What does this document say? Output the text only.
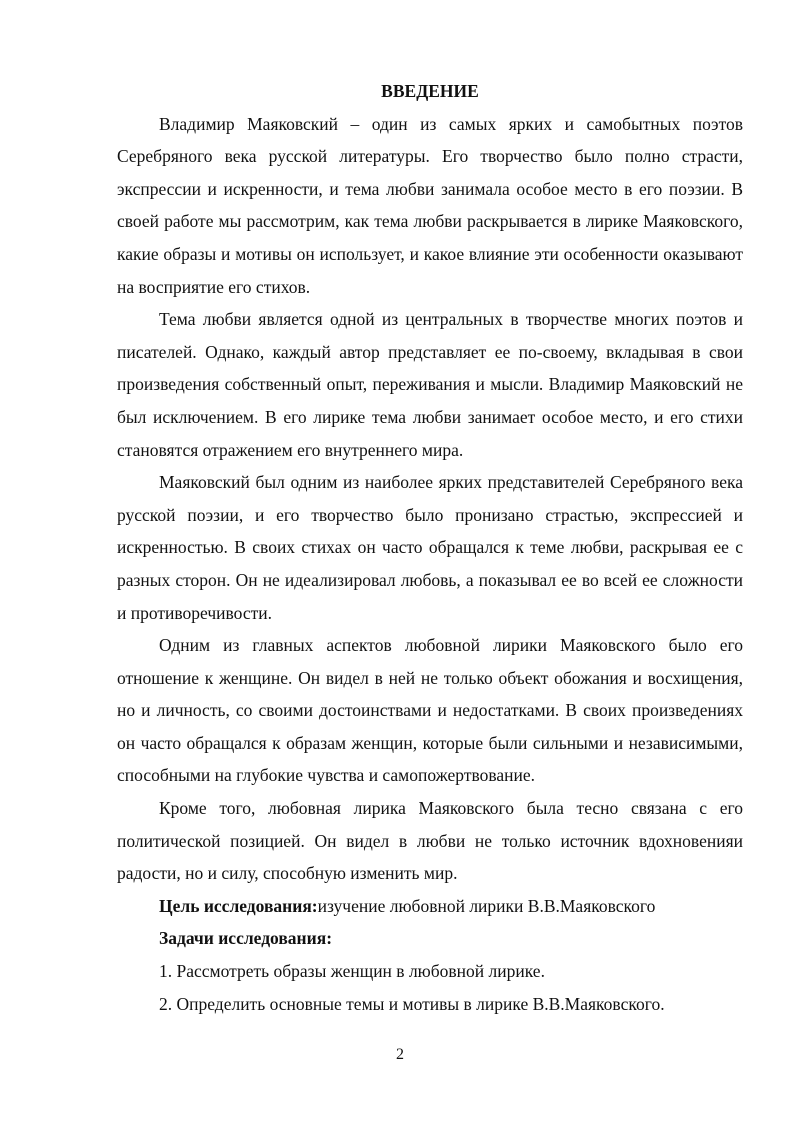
ВВЕДЕНИЕ

Владимир Маяковский – один из самых ярких и самобытных поэтов Серебряного века русской литературы. Его творчество было полно страсти, экспрессии и искренности, и тема любви занимала особое место в его поэзии. В своей работе мы рассмотрим, как тема любви раскрывается в лирике Маяковского, какие образы и мотивы он использует, и какое влияние эти особенности оказывают на восприятие его стихов.

Тема любви является одной из центральных в творчестве многих поэтов и писателей. Однако, каждый автор представляет ее по-своему, вкладывая в свои произведения собственный опыт, переживания и мысли. Владимир Маяковский не был исключением. В его лирике тема любви занимает особое место, и его стихи становятся отражением его внутреннего мира.

Маяковский был одним из наиболее ярких представителей Серебряного века русской поэзии, и его творчество было пронизано страстью, экспрессией и искренностью. В своих стихах он часто обращался к теме любви, раскрывая ее с разных сторон. Он не идеализировал любовь, а показывал ее во всей ее сложности и противоречивости.

Одним из главных аспектов любовной лирики Маяковского было его отношение к женщине. Он видел в ней не только объект обожания и восхищения, но и личность, со своими достоинствами и недостатками. В своих произведениях он часто обращался к образам женщин, которые были сильными и независимыми, способными на глубокие чувства и самопожертвование.

Кроме того, любовная лирика Маяковского была тесно связана с его политической позицией. Он видел в любви не только источник вдохновенияи радости, но и силу, способную изменить мир.

Цель исследования:изучение любовной лирики В.В.Маяковского

Задачи исследования:

1. Рассмотреть образы женщин в любовной лирике.

2. Определить основные темы и мотивы в лирике В.В.Маяковского.

2
